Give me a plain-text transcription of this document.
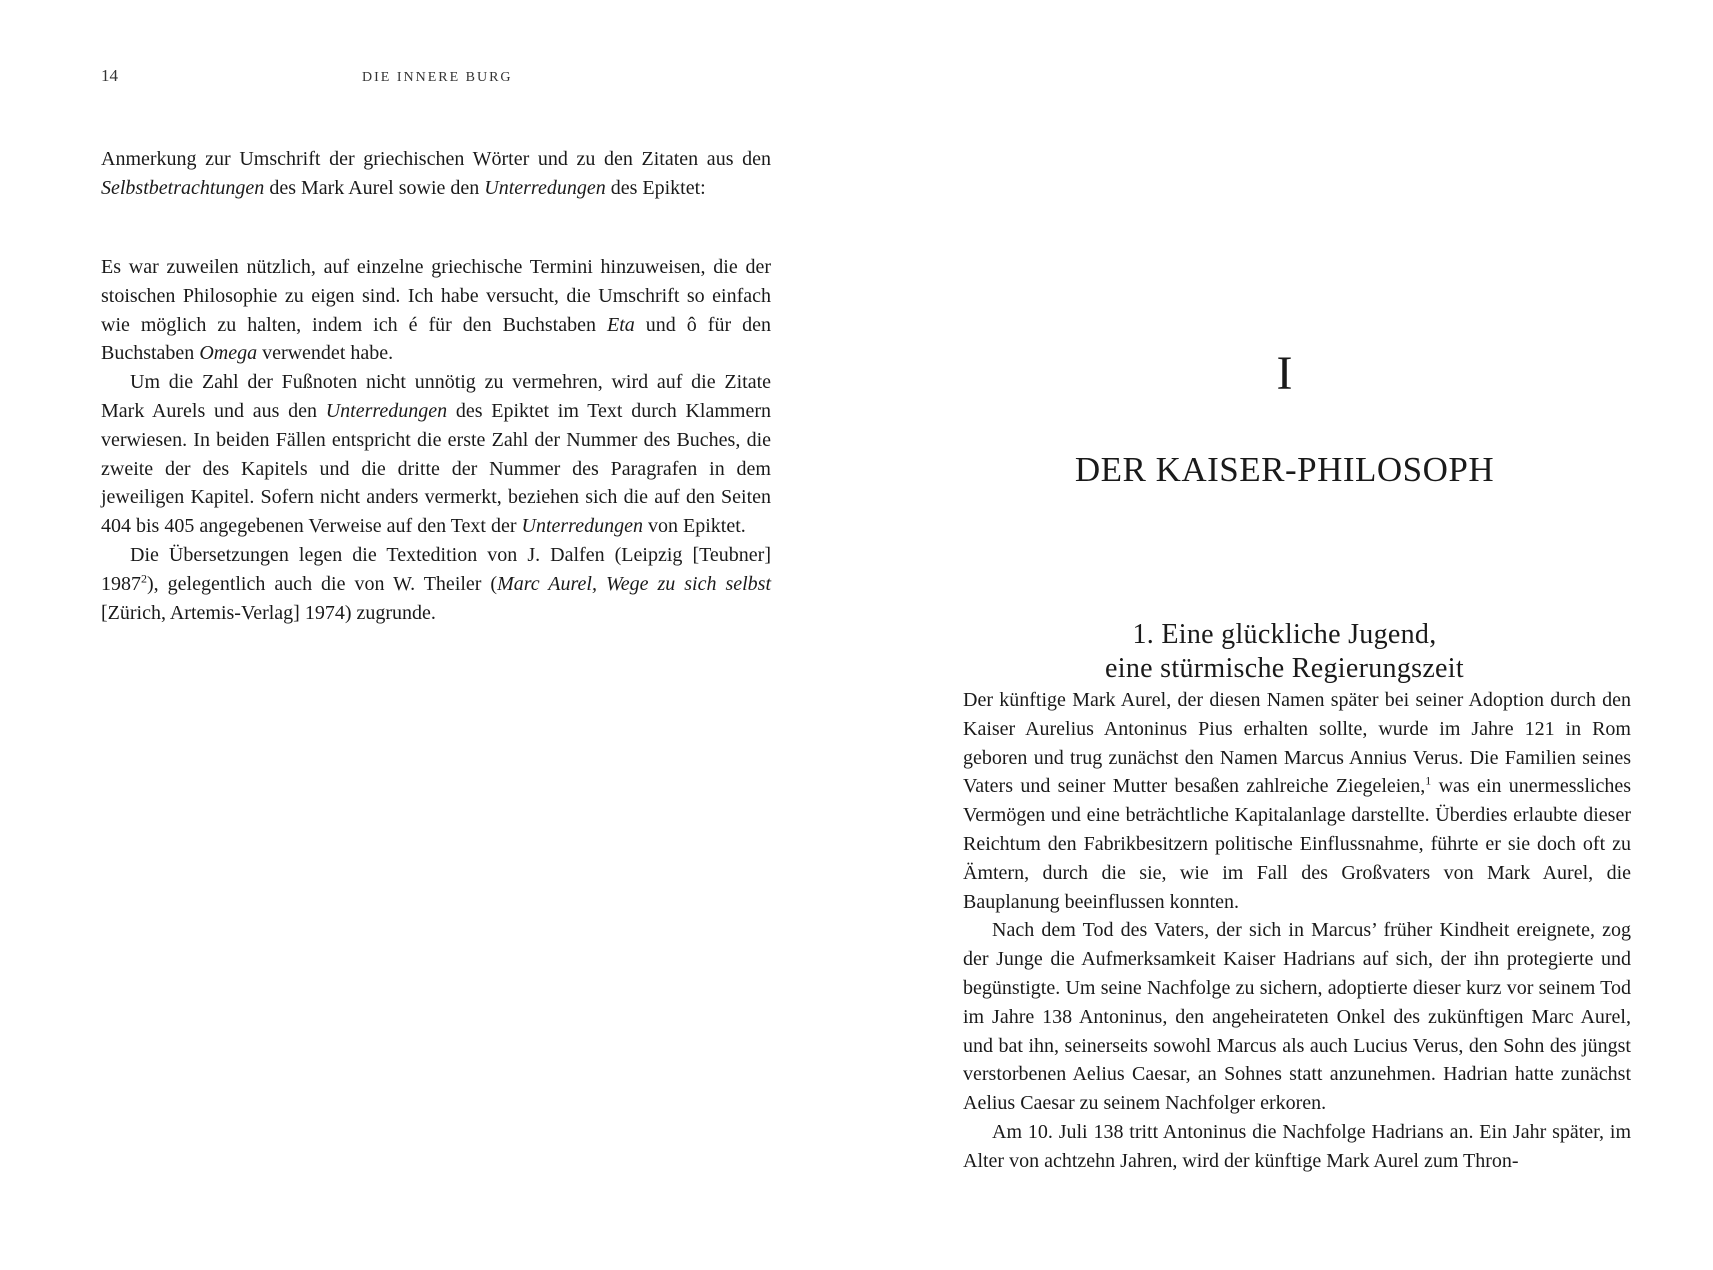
14	DIE INNERE BURG
Anmerkung zur Umschrift der griechischen Wörter und zu den Zitaten aus den Selbstbetrachtungen des Mark Aurel sowie den Unterredungen des Epiktet:

Es war zuweilen nützlich, auf einzelne griechische Termini hinzuweisen, die der stoischen Philosophie zu eigen sind. Ich habe versucht, die Umschrift so einfach wie möglich zu halten, indem ich é für den Buchstaben Eta und ô für den Buchstaben Omega verwendet habe.

Um die Zahl der Fußnoten nicht unnötig zu vermehren, wird auf die Zitate Mark Aurels und aus den Unterredungen des Epiktet im Text durch Klammern verwiesen. In beiden Fällen entspricht die erste Zahl der Nummer des Buches, die zweite der des Kapitels und die dritte der Nummer des Paragrafen in dem jeweiligen Kapitel. Sofern nicht anders vermerkt, beziehen sich die auf den Seiten 404 bis 405 angegebenen Verweise auf den Text der Unterredungen von Epiktet.

Die Übersetzungen legen die Textedition von J. Dalfen (Leipzig [Teubner] 1987$^2$), gelegentlich auch die von W. Theiler (Marc Aurel, Wege zu sich selbst [Zürich, Artemis-Verlag] 1974) zugrunde.

I
DER KAISER-PHILOSOPH
1. Eine glückliche Jugend,
eine stürmische Regierungszeit

Der künftige Mark Aurel, der diesen Namen später bei seiner Adoption durch den Kaiser Aurelius Antoninus Pius erhalten sollte, wurde im Jahre 121 in Rom geboren und trug zunächst den Namen Marcus Annius Verus. Die Familien seines Vaters und seiner Mutter besaßen zahlreiche Ziegeleien,$^1$ was ein unermessliches Vermögen und eine beträchtliche Kapitalanlage darstellte. Überdies erlaubte dieser Reichtum den Fabrikbesitzern politische Einflussnahme, führte er sie doch oft zu Ämtern, durch die sie, wie im Fall des Großvaters von Mark Aurel, die Bauplanung beeinflussen konnten.

Nach dem Tod des Vaters, der sich in Marcus’ früher Kindheit ereignete, zog der Junge die Aufmerksamkeit Kaiser Hadrians auf sich, der ihn protegierte und begünstigte. Um seine Nachfolge zu sichern, adoptierte dieser kurz vor seinem Tod im Jahre 138 Antoninus, den angeheirateten Onkel des zukünftigen Marc Aurel, und bat ihn, seinerseits sowohl Marcus als auch Lucius Verus, den Sohn des jüngst verstorbenen Aelius Caesar, an Sohnes statt anzunehmen. Hadrian hatte zunächst Aelius Caesar zu seinem Nachfolger erkoren.

Am 10. Juli 138 tritt Antoninus die Nachfolge Hadrians an. Ein Jahr später, im Alter von achtzehn Jahren, wird der künftige Mark Aurel zum Thron-
